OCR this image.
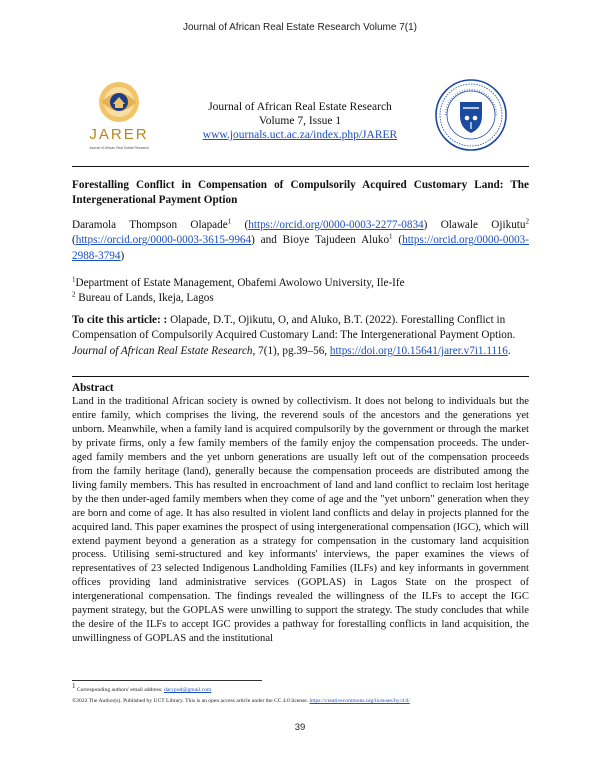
Journal of African Real Estate Research Volume 7(1)
JARER
Journal of African Real Estate Research
Journal of African Real Estate Research
Volume 7, Issue 1
www.journals.uct.ac.za/index.php/JARER
Forestalling Conflict in Compensation of Compulsorily Acquired Customary Land: The Intergenerational Payment Option
Daramola Thompson Olapade$^1$ (https://orcid.org/0000-0003-2277-0834) Olawale Ojikutu$^2$ (https://orcid.org/0000-0003-3615-9964) and Bioye Tajudeen Aluko$^1$ (https://orcid.org/0000-0003-2988-3794)
$^1$Department of Estate Management, Obafemi Awolowo University, Ile-Ife
$^2$ Bureau of Lands, Ikeja, Lagos
To cite this article: : Olapade, D.T., Ojikutu, O, and Aluko, B.T. (2022). Forestalling Conflict in Compensation of Compulsorily Acquired Customary Land: The Intergenerational Payment Option. Journal of African Real Estate Research, 7(1), pg.39–56, https://doi.org/10.15641/jarer.v7i1.1116.
Abstract
Land in the traditional African society is owned by collectivism. It does not belong to individuals but the entire family, which comprises the living, the reverend souls of the ancestors and the generations yet unborn. Meanwhile, when a family land is acquired compulsorily by the government or through the market by private firms, only a few family members of the family enjoy the compensation proceeds. The under-aged family members and the yet unborn generations are usually left out of the compensation proceeds from the family heritage (land), generally because the compensation proceeds are distributed among the living family members. This has resulted in encroachment of land and land conflict to reclaim lost heritage by the then under-aged family members when they come of age and the "yet unborn" generation when they are born and come of age. It has also resulted in violent land conflicts and delay in projects planned for the acquired land. This paper examines the prospect of using intergenerational compensation (IGC), which will extend payment beyond a generation as a strategy for compensation in the customary land acquisition process. Utilising semi-structured and key informants' interviews, the paper examines the views of representatives of 23 selected Indigenous Landholding Families (ILFs) and key informants in government offices providing land administrative services (GOPLAS) in Lagos State on the prospect of intergenerational compensation. The findings revealed the willingness of the ILFs to accept the IGC payment strategy, but the GOPLAS were unwilling to support the strategy. The study concludes that while the desire of the ILFs to accept IGC provides a pathway for forestalling conflicts in land acquisition, the unwillingness of GOPLAS and the institutional
$^1$ Corresponding authors' email address: darypod@gmail.com
©2022 The Author(s). Published by UCT Library. This is an open access article under the CC 4.0 license. https://creativecommons.org/licenses/by/4.0/
39
